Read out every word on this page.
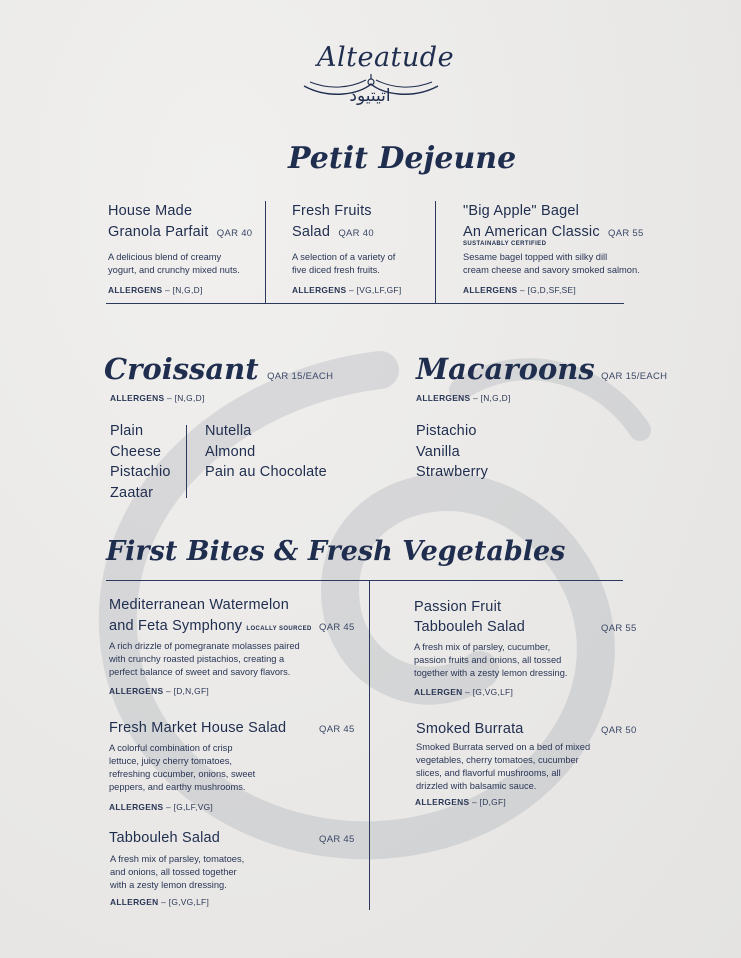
Alteatude
اتيتيود
Petit Dejeune
House Made
Granola Parfait QAR 40
A delicious blend of creamy
yogurt, and crunchy mixed nuts.
ALLERGENS – [N,G,D]
Fresh Fruits
Salad QAR 40
A selection of a variety of
five diced fresh fruits.
ALLERGENS – [VG,LF,GF]
"Big Apple" Bagel
An American Classic QAR 55
SUSTAINABLY CERTIFIED
Sesame bagel topped with silky dill
cream cheese and savory smoked salmon.
ALLERGENS – [G,D,SF,SE]
Croissant QAR 15/EACH
ALLERGENS – [N,G,D]
Plain
Cheese
Pistachio
Zaatar
Nutella
Almond
Pain au Chocolate
Macaroons QAR 15/EACH
ALLERGENS – [N,G,D]
Pistachio
Vanilla
Strawberry
First Bites & Fresh Vegetables
Mediterranean Watermelon
and Feta Symphony LOCALLY SOURCED QAR 45
A rich drizzle of pomegranate molasses paired
with crunchy roasted pistachios, creating a
perfect balance of sweet and savory flavors.
ALLERGENS – [D,N,GF]
Fresh Market House Salad	QAR 45
A colorful combination of crisp
lettuce, juicy cherry tomatoes,
refreshing cucumber, onions, sweet
peppers, and earthy mushrooms.
ALLERGENS – [G,LF,VG]
Tabbouleh Salad	QAR 45
A fresh mix of parsley, tomatoes,
and onions, all tossed together
with a zesty lemon dressing.
ALLERGEN – [G,VG,LF]
Passion Fruit
Tabbouleh Salad	QAR 55
A fresh mix of parsley, cucumber,
passion fruits and onions, all tossed
together with a zesty lemon dressing.
ALLERGEN – [G,VG,LF]
Smoked Burrata	QAR 50
Smoked Burrata served on a bed of mixed
vegetables, cherry tomatoes, cucumber
slices, and flavorful mushrooms, all
drizzled with balsamic sauce.
ALLERGENS – [D,GF]
